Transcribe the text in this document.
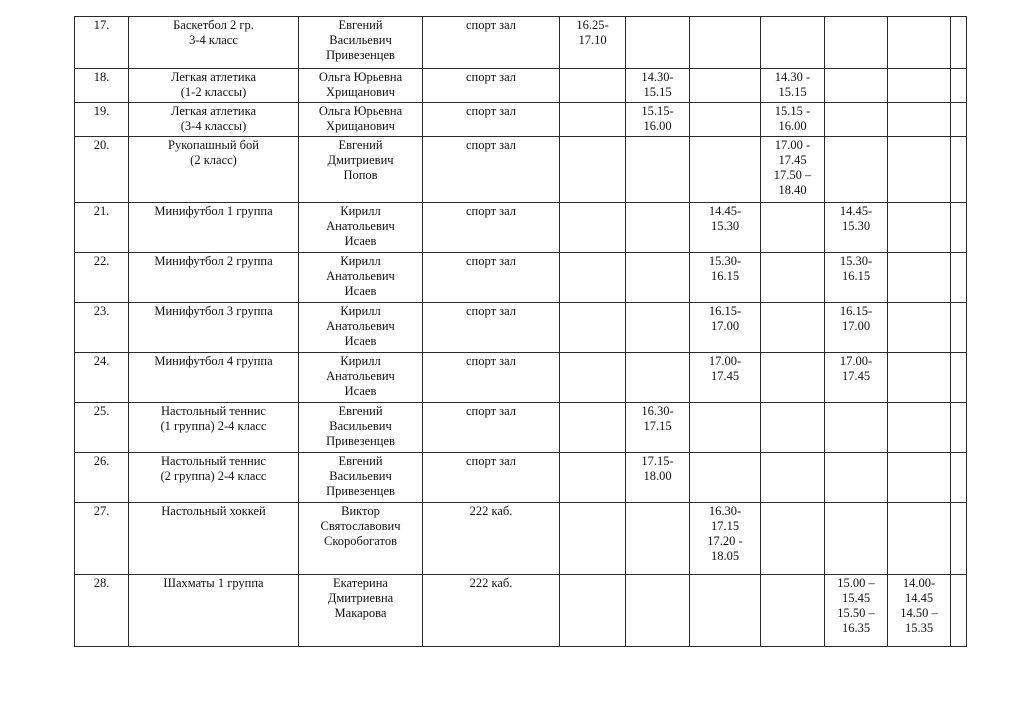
17.	Баскетбол 2 гр.
3-4 класс	Евгений
Васильевич
Привезенцев	спорт зал	16.25-
17.10						
18.	Легкая атлетика
(1-2 классы)	Ольга Юрьевна
Хрищанович	спорт зал		14.30-
15.15		14.30 -
15.15			
19.	Легкая атлетика
(3-4 классы)	Ольга Юрьевна
Хрищанович	спорт зал		15.15-
16.00		15.15 -
16.00			
20.	Рукопашный бой
(2 класс)	Евгений
Дмитриевич
Попов	спорт зал				17.00 -
17.45
17.50 –
18.40			
21.	Минифутбол 1 группа	Кирилл
Анатольевич
Исаев	спорт зал			14.45-
15.30		14.45-
15.30		
22.	Минифутбол 2 группа	Кирилл
Анатольевич
Исаев	спорт зал			15.30-
16.15		15.30-
16.15		
23.	Минифутбол 3 группа	Кирилл
Анатольевич
Исаев	спорт зал			16.15-
17.00		16.15-
17.00		
24.	Минифутбол 4 группа	Кирилл
Анатольевич
Исаев	спорт зал			17.00-
17.45		17.00-
17.45		
25.	Настольный теннис
(1 группа) 2-4 класс	Евгений
Васильевич
Привезенцев	спорт зал		16.30-
17.15					
26.	Настольный теннис
(2 группа) 2-4 класс	Евгений
Васильевич
Привезенцев	спорт зал		17.15-
18.00					
27.	Настольный хоккей	Виктор
Святославович
Скоробогатов	222 каб.			16.30-
17.15
17.20 -
18.05				
28.	Шахматы 1 группа	Екатерина
Дмитриевна
Макарова	222 каб.					15.00 –
15.45
15.50 –
16.35	14.00-
14.45
14.50 –
15.35	
